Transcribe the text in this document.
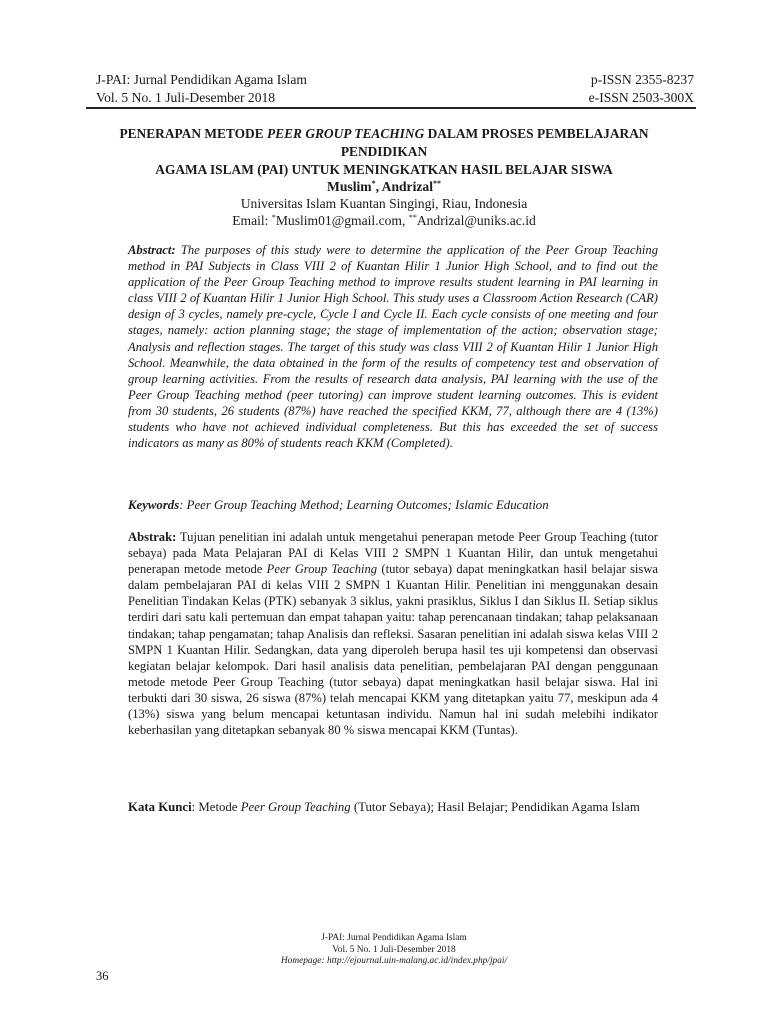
J-PAI: Jurnal Pendidikan Agama Islam	p-ISSN 2355-8237
Vol. 5 No. 1 Juli-Desember 2018	e-ISSN 2503-300X
PENERAPAN METODE PEER GROUP TEACHING DALAM PROSES PEMBELAJARAN PENDIDIKAN
AGAMA ISLAM (PAI) UNTUK MENINGKATKAN HASIL BELAJAR SISWA
Muslim*, Andrizal**
Universitas Islam Kuantan Singingi, Riau, Indonesia
Email: *Muslim01@gmail.com, **Andrizal@uniks.ac.id
Abstract: The purposes of this study were to determine the application of the Peer Group Teaching method in PAI Subjects in Class VIII 2 of Kuantan Hilir 1 Junior High School, and to find out the application of the Peer Group Teaching method to improve results student learning in PAI learning in class VIII 2 of Kuantan Hilir 1 Junior High School. This study uses a Classroom Action Research (CAR) design of 3 cycles, namely pre-cycle, Cycle I and Cycle II. Each cycle consists of one meeting and four stages, namely: action planning stage; the stage of implementation of the action; observation stage; Analysis and reflection stages. The target of this study was class VIII 2 of Kuantan Hilir 1 Junior High School. Meanwhile, the data obtained in the form of the results of competency test and observation of group learning activities. From the results of research data analysis, PAI learning with the use of the Peer Group Teaching method (peer tutoring) can improve student learning outcomes. This is evident from 30 students, 26 students (87%) have reached the specified KKM, 77, although there are 4 (13%) students who have not achieved individual completeness. But this has exceeded the set of success indicators as many as 80% of students reach KKM (Completed).
Keywords: Peer Group Teaching Method; Learning Outcomes; Islamic Education
Abstrak: Tujuan penelitian ini adalah untuk mengetahui penerapan metode Peer Group Teaching (tutor sebaya) pada Mata Pelajaran PAI di Kelas VIII 2 SMPN 1 Kuantan Hilir, dan untuk mengetahui penerapan metode metode Peer Group Teaching (tutor sebaya) dapat meningkatkan hasil belajar siswa dalam pembelajaran PAI di kelas VIII 2 SMPN 1 Kuantan Hilir. Penelitian ini menggunakan desain Penelitian Tindakan Kelas (PTK) sebanyak 3 siklus, yakni prasiklus, Siklus I dan Siklus II. Setiap siklus terdiri dari satu kali pertemuan dan empat tahapan yaitu: tahap perencanaan tindakan; tahap pelaksanaan tindakan; tahap pengamatan; tahap Analisis dan refleksi. Sasaran penelitian ini adalah siswa kelas VIII 2 SMPN 1 Kuantan Hilir. Sedangkan, data yang diperoleh berupa hasil tes uji kompetensi dan observasi kegiatan belajar kelompok. Dari hasil analisis data penelitian, pembelajaran PAI dengan penggunaan metode metode Peer Group Teaching (tutor sebaya) dapat meningkatkan hasil belajar siswa. Hal ini terbukti dari 30 siswa, 26 siswa (87%) telah mencapai KKM yang ditetapkan yaitu 77, meskipun ada 4 (13%) siswa yang belum mencapai ketuntasan individu. Namun hal ini sudah melebihi indikator keberhasilan yang ditetapkan sebanyak 80 % siswa mencapai KKM (Tuntas).
Kata Kunci: Metode Peer Group Teaching (Tutor Sebaya); Hasil Belajar; Pendidikan Agama Islam
J-PAI: Jurnal Pendidikan Agama Islam
Vol. 5 No. 1 Juli-Desember 2018
Homepage: http://ejournal.uin-malang.ac.id/index.php/jpai/
36
